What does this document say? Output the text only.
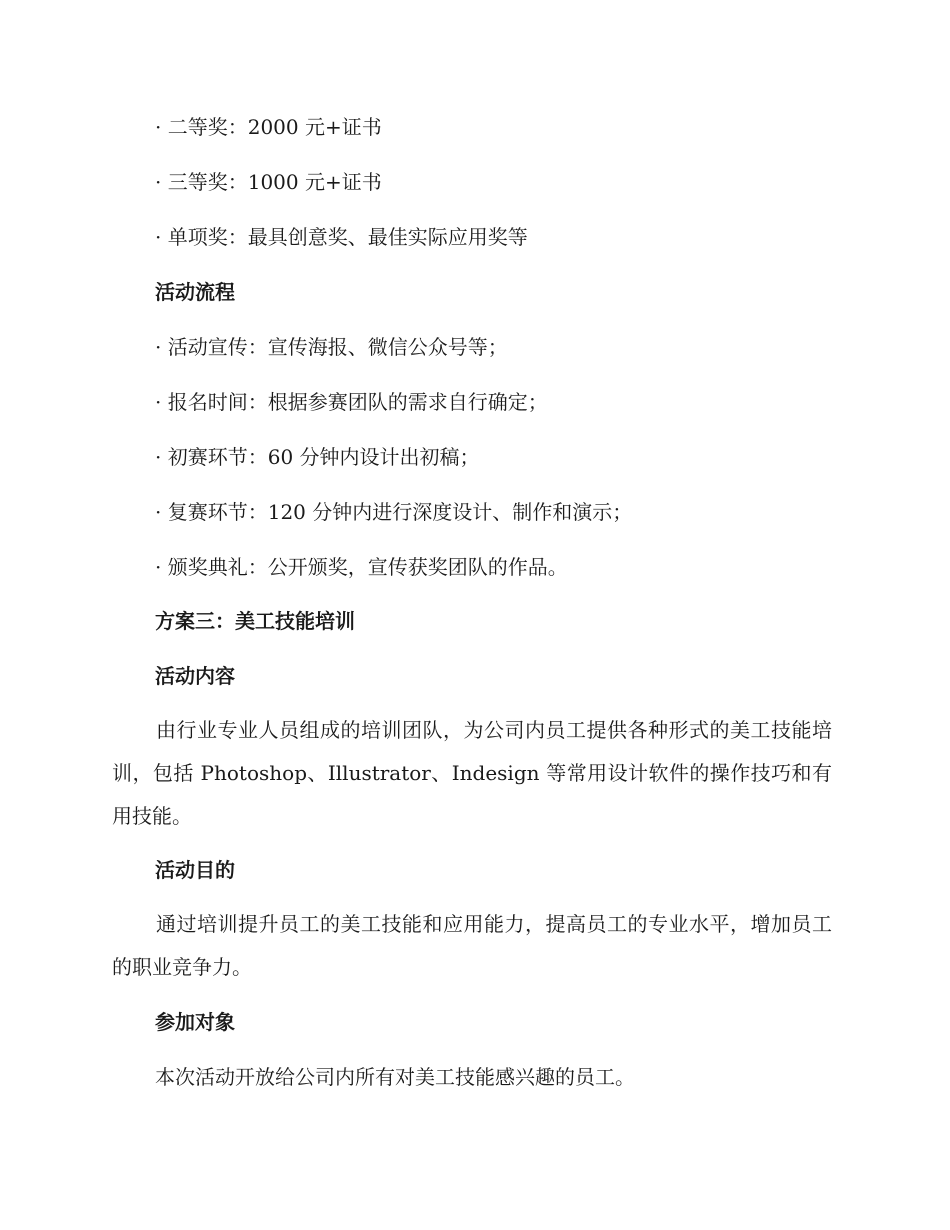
· 二等奖：2000 元+证书
· 三等奖：1000 元+证书
· 单项奖：最具创意奖、最佳实际应用奖等
活动流程
· 活动宣传：宣传海报、微信公众号等；
· 报名时间：根据参赛团队的需求自行确定；
· 初赛环节：60 分钟内设计出初稿；
· 复赛环节：120 分钟内进行深度设计、制作和演示；
· 颁奖典礼：公开颁奖，宣传获奖团队的作品。
方案三：美工技能培训
活动内容
由行业专业人员组成的培训团队，为公司内员工提供各种形式的美工技能培训，包括 Photoshop、Illustrator、Indesign 等常用设计软件的操作技巧和有用技能。
活动目的
通过培训提升员工的美工技能和应用能力，提高员工的专业水平，增加员工的职业竞争力。
参加对象
本次活动开放给公司内所有对美工技能感兴趣的员工。
